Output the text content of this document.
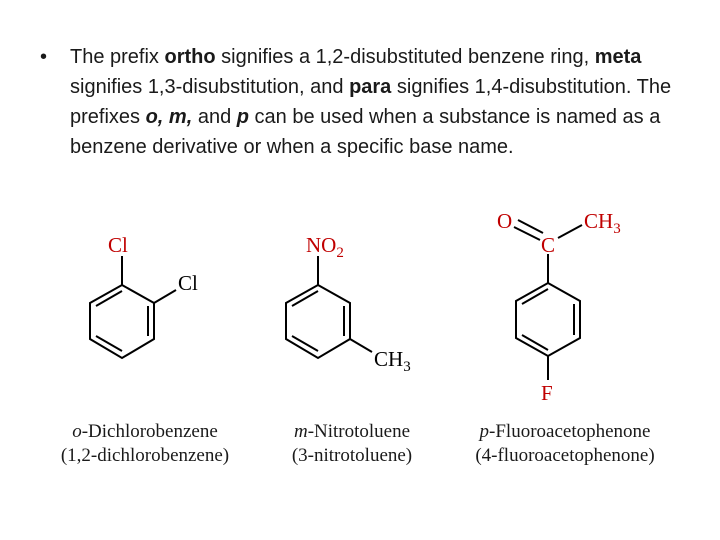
• The prefix ortho signifies a 1,2-disubstituted benzene ring, meta signifies 1,3-disubstitution, and para signifies 1,4-disubstitution. The prefixes o, m, and p can be used when a substance is named as a benzene derivative or when a specific base name.
Cl
Cl
$NO_2$
$CH_3$
O
C
$CH_3$
F
o-Dichlorobenzene
(1,2-dichlorobenzene)
m-Nitrotoluene
(3-nitrotoluene)
p-Fluoroacetophenone
(4-fluoroacetophenone)
